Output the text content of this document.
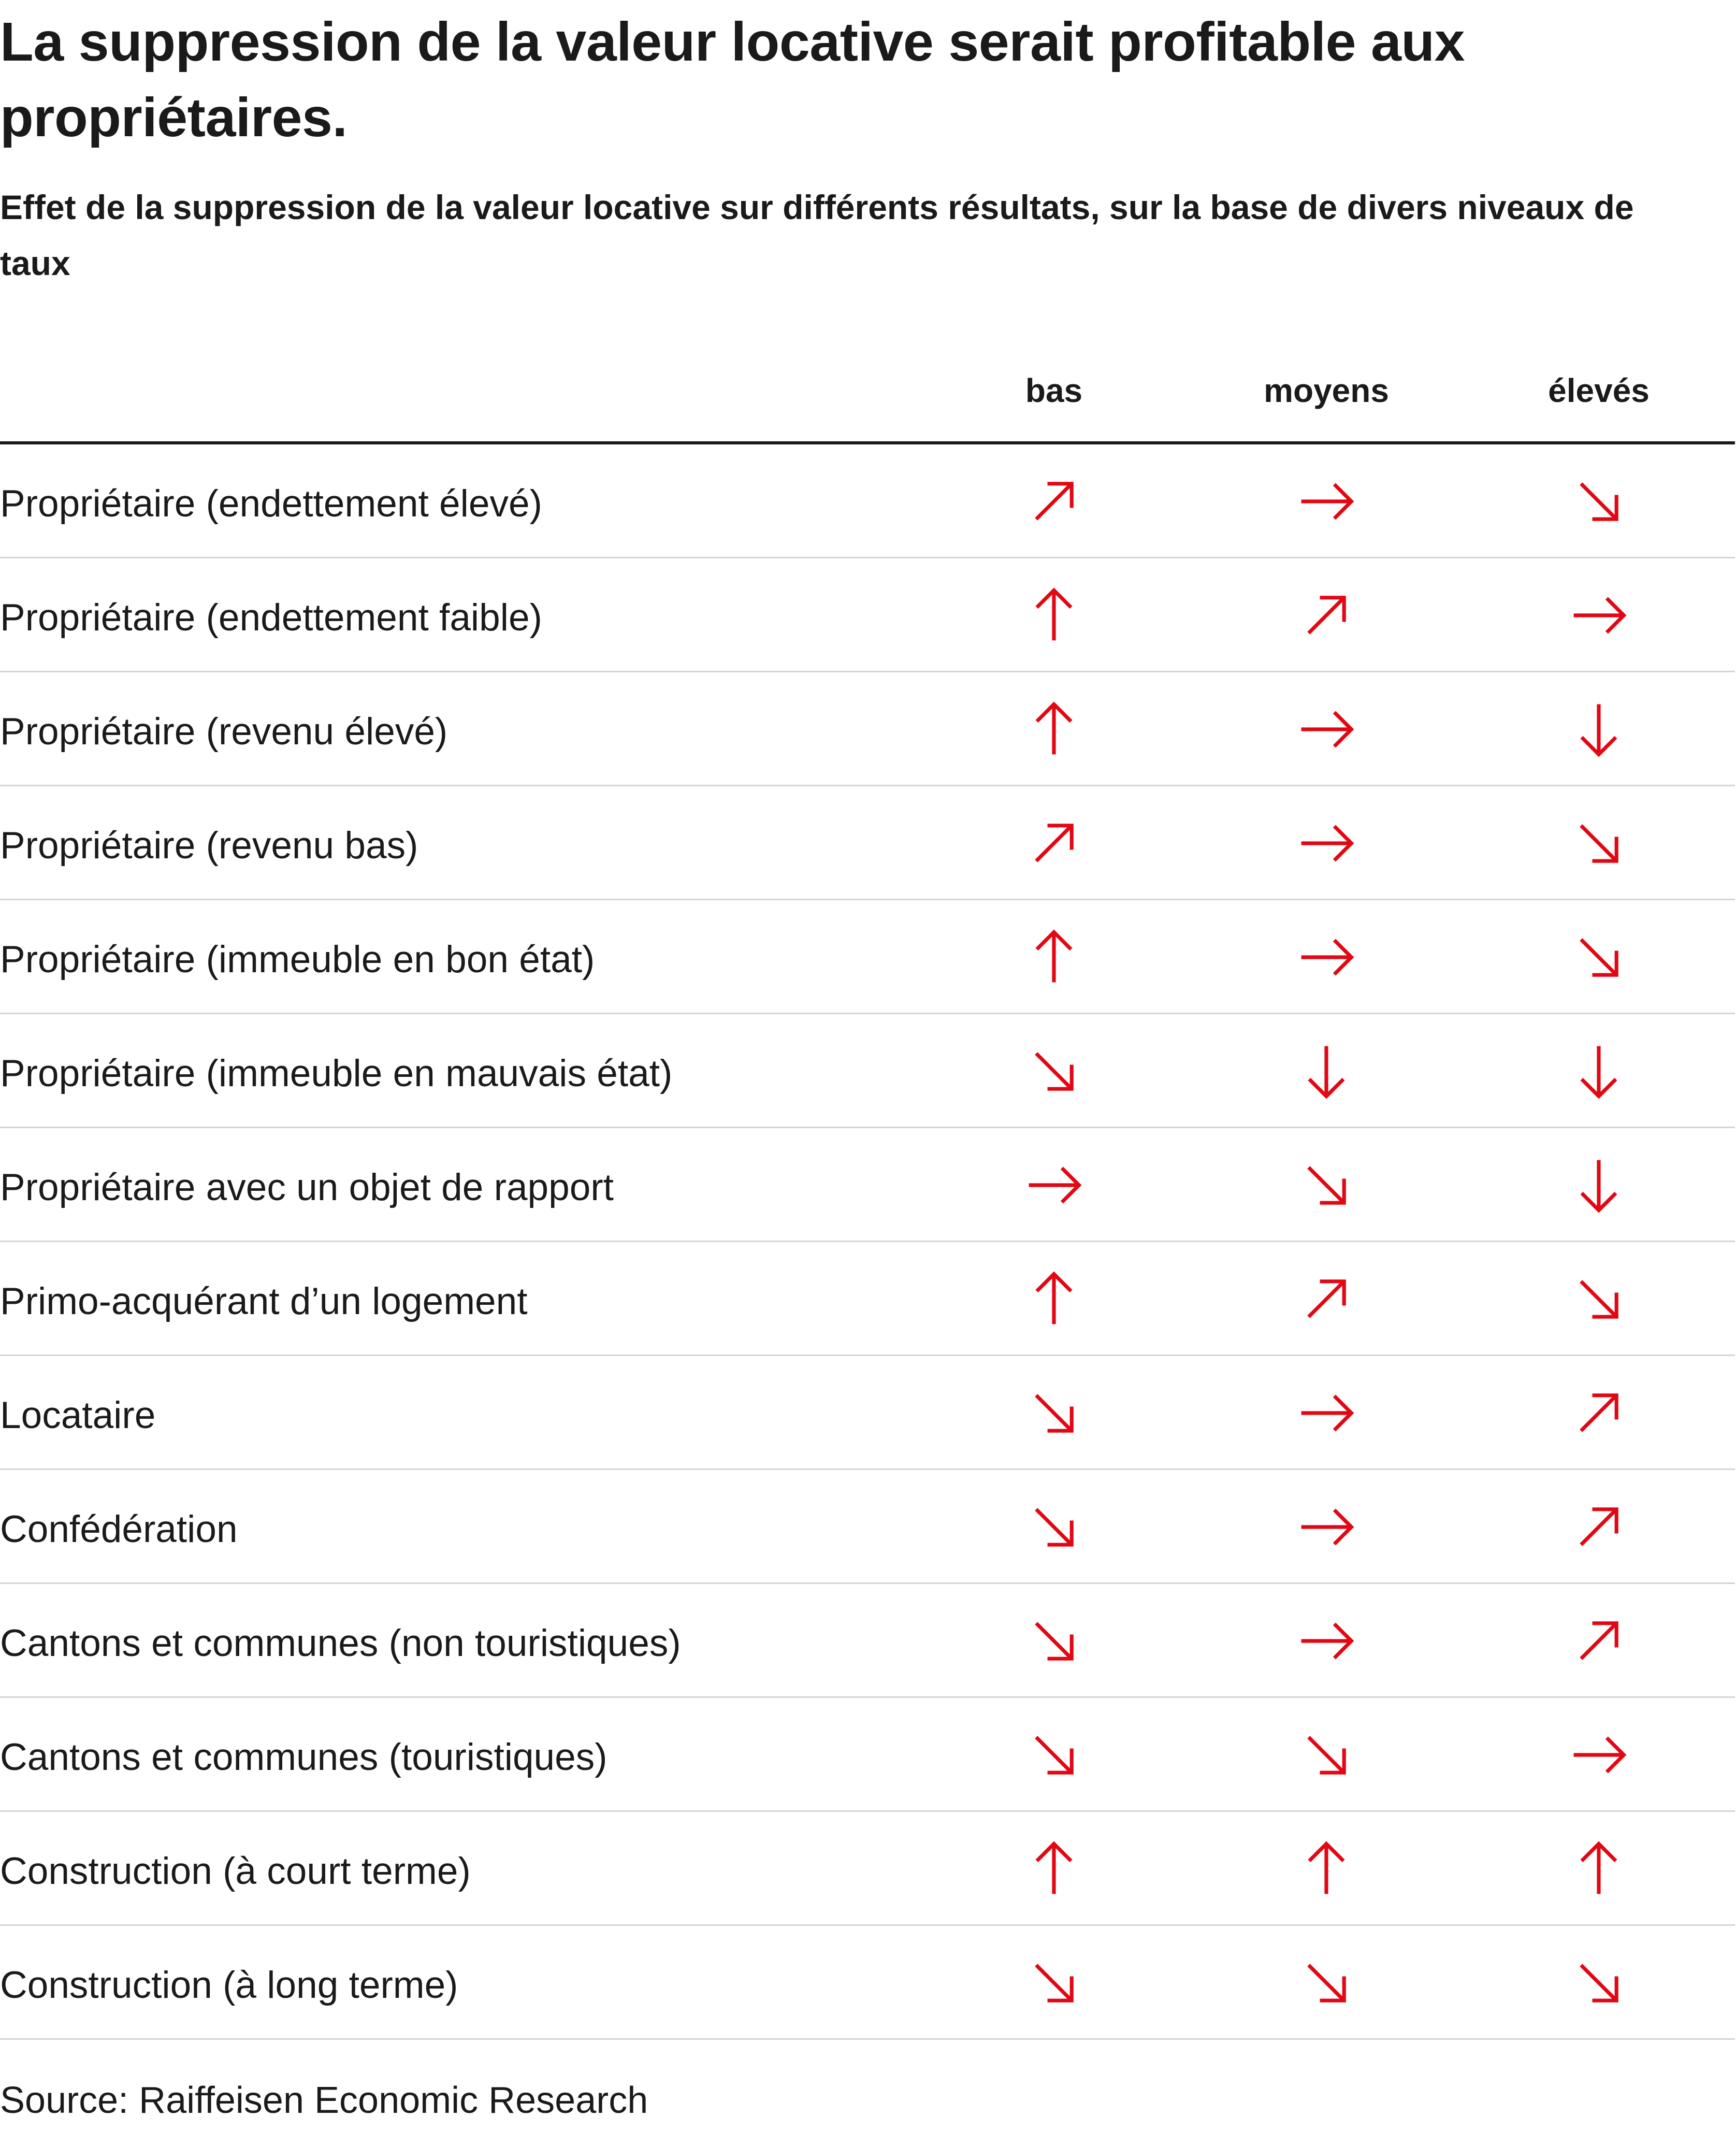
La suppression de la valeur locative serait profitable aux propriétaires.
Effet de la suppression de la valeur locative sur différents résultats, sur la base de divers niveaux de taux
bas	moyens	élevés
Propriétaire (endettement élevé)
Propriétaire (endettement faible)
Propriétaire (revenu élevé)
Propriétaire (revenu bas)
Propriétaire (immeuble en bon état)
Propriétaire (immeuble en mauvais état)
Propriétaire avec un objet de rapport
Primo-acquérant d’un logement
Locataire
Confédération
Cantons et communes (non touristiques)
Cantons et communes (touristiques)
Construction (à court terme)
Construction (à long terme)
Source: Raiffeisen Economic Research
